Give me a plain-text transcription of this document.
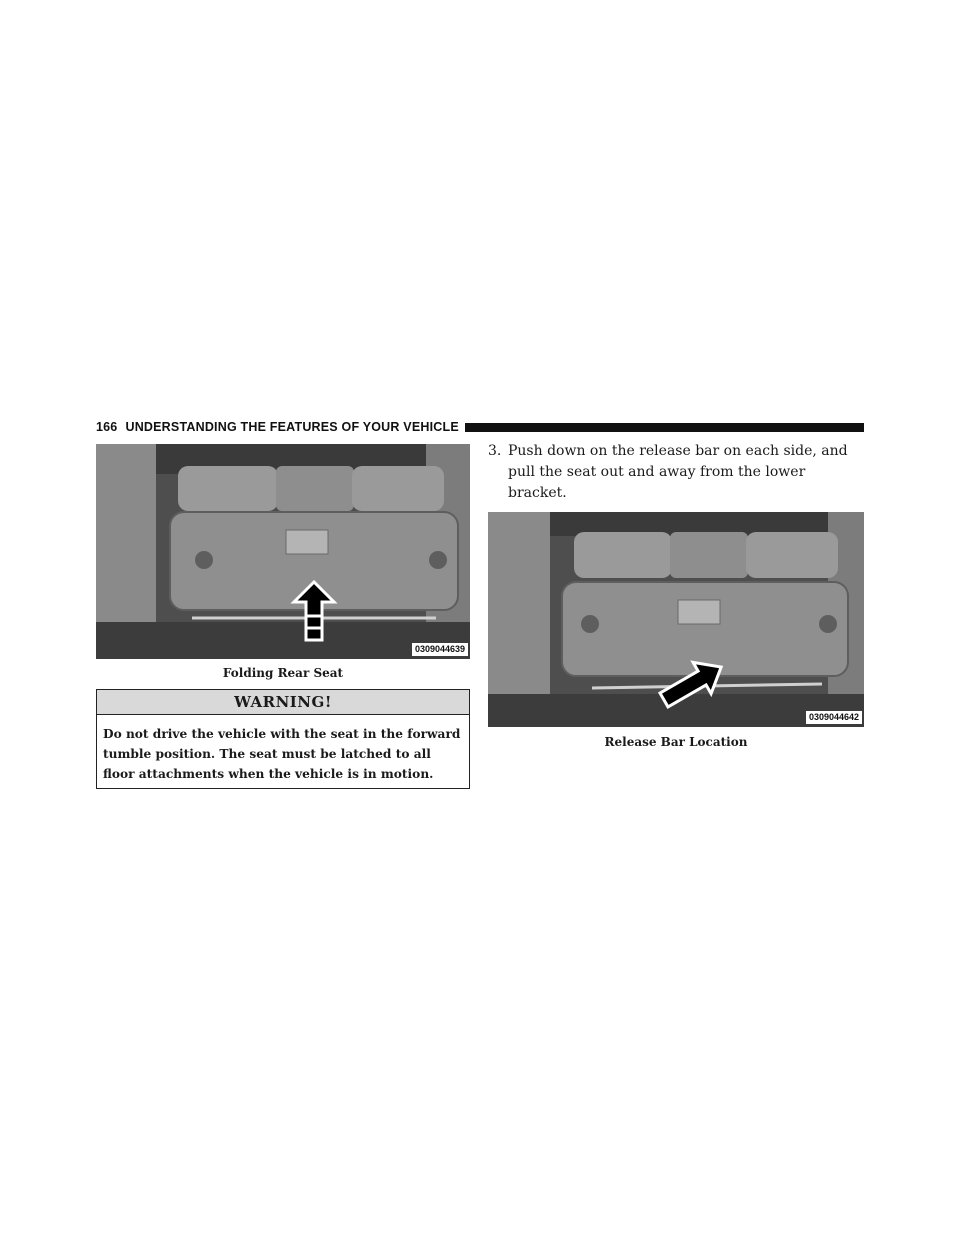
166 UNDERSTANDING THE FEATURES OF YOUR VEHICLE
0309044639
Folding Rear Seat
WARNING!
Do not drive the vehicle with the seat in the forward tumble position. The seat must be latched to all floor attachments when the vehicle is in motion.
3. Push down on the release bar on each side, and pull the seat out and away from the lower bracket.
0309044642
Release Bar Location
